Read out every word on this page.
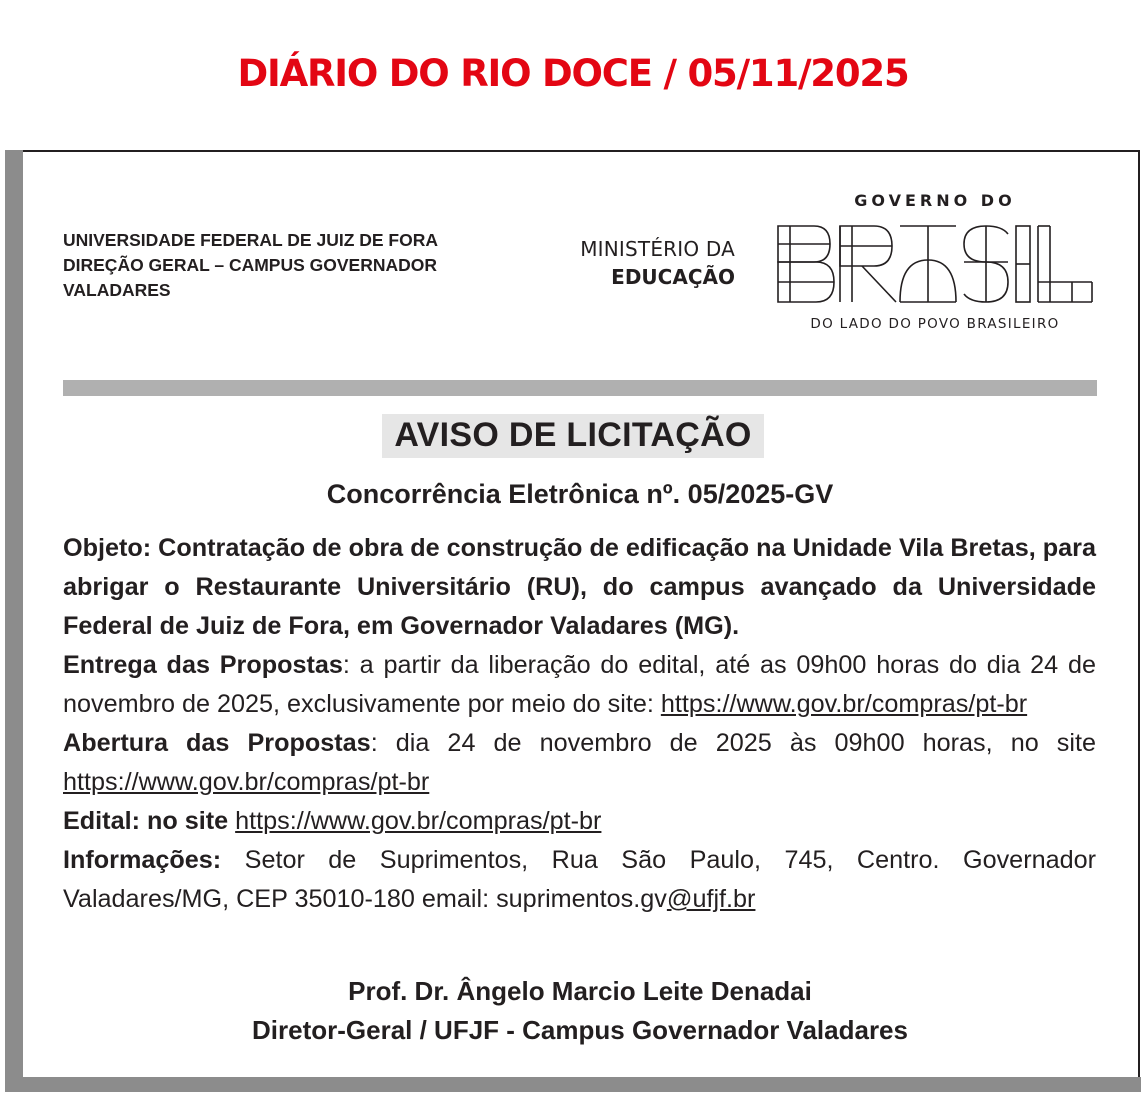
DIÁRIO DO RIO DOCE / 05/11/2025
UNIVERSIDADE FEDERAL DE JUIZ DE FORA
DIREÇÃO GERAL – CAMPUS GOVERNADOR
VALADARES
MINISTÉRIO DA
EDUCAÇÃO
GOVERNO DO
DO LADO DO POVO BRASILEIRO
AVISO DE LICITAÇÃO
Concorrência Eletrônica nº. 05/2025-GV

Objeto: Contratação de obra de construção de edificação na Unidade Vila Bretas, para abrigar o Restaurante Universitário (RU), do campus avançado da Universidade Federal de Juiz de Fora, em Governador Valadares (MG).

Entrega das Propostas: a partir da liberação do edital, até as 09h00 horas do dia 24 de novembro de 2025, exclusivamente por meio do site: https://www.gov.br/compras/pt-br

Abertura das Propostas: dia 24 de novembro de 2025 às 09h00 horas, no site https://www.gov.br/compras/pt-br

Edital: no site https://www.gov.br/compras/pt-br

Informações: Setor de Suprimentos, Rua São Paulo, 745, Centro. Governador Valadares/MG, CEP 35010-180 email: suprimentos.gv@ufjf.br

Prof. Dr. Ângelo Marcio Leite Denadai
Diretor-Geral / UFJF - Campus Governador Valadares
